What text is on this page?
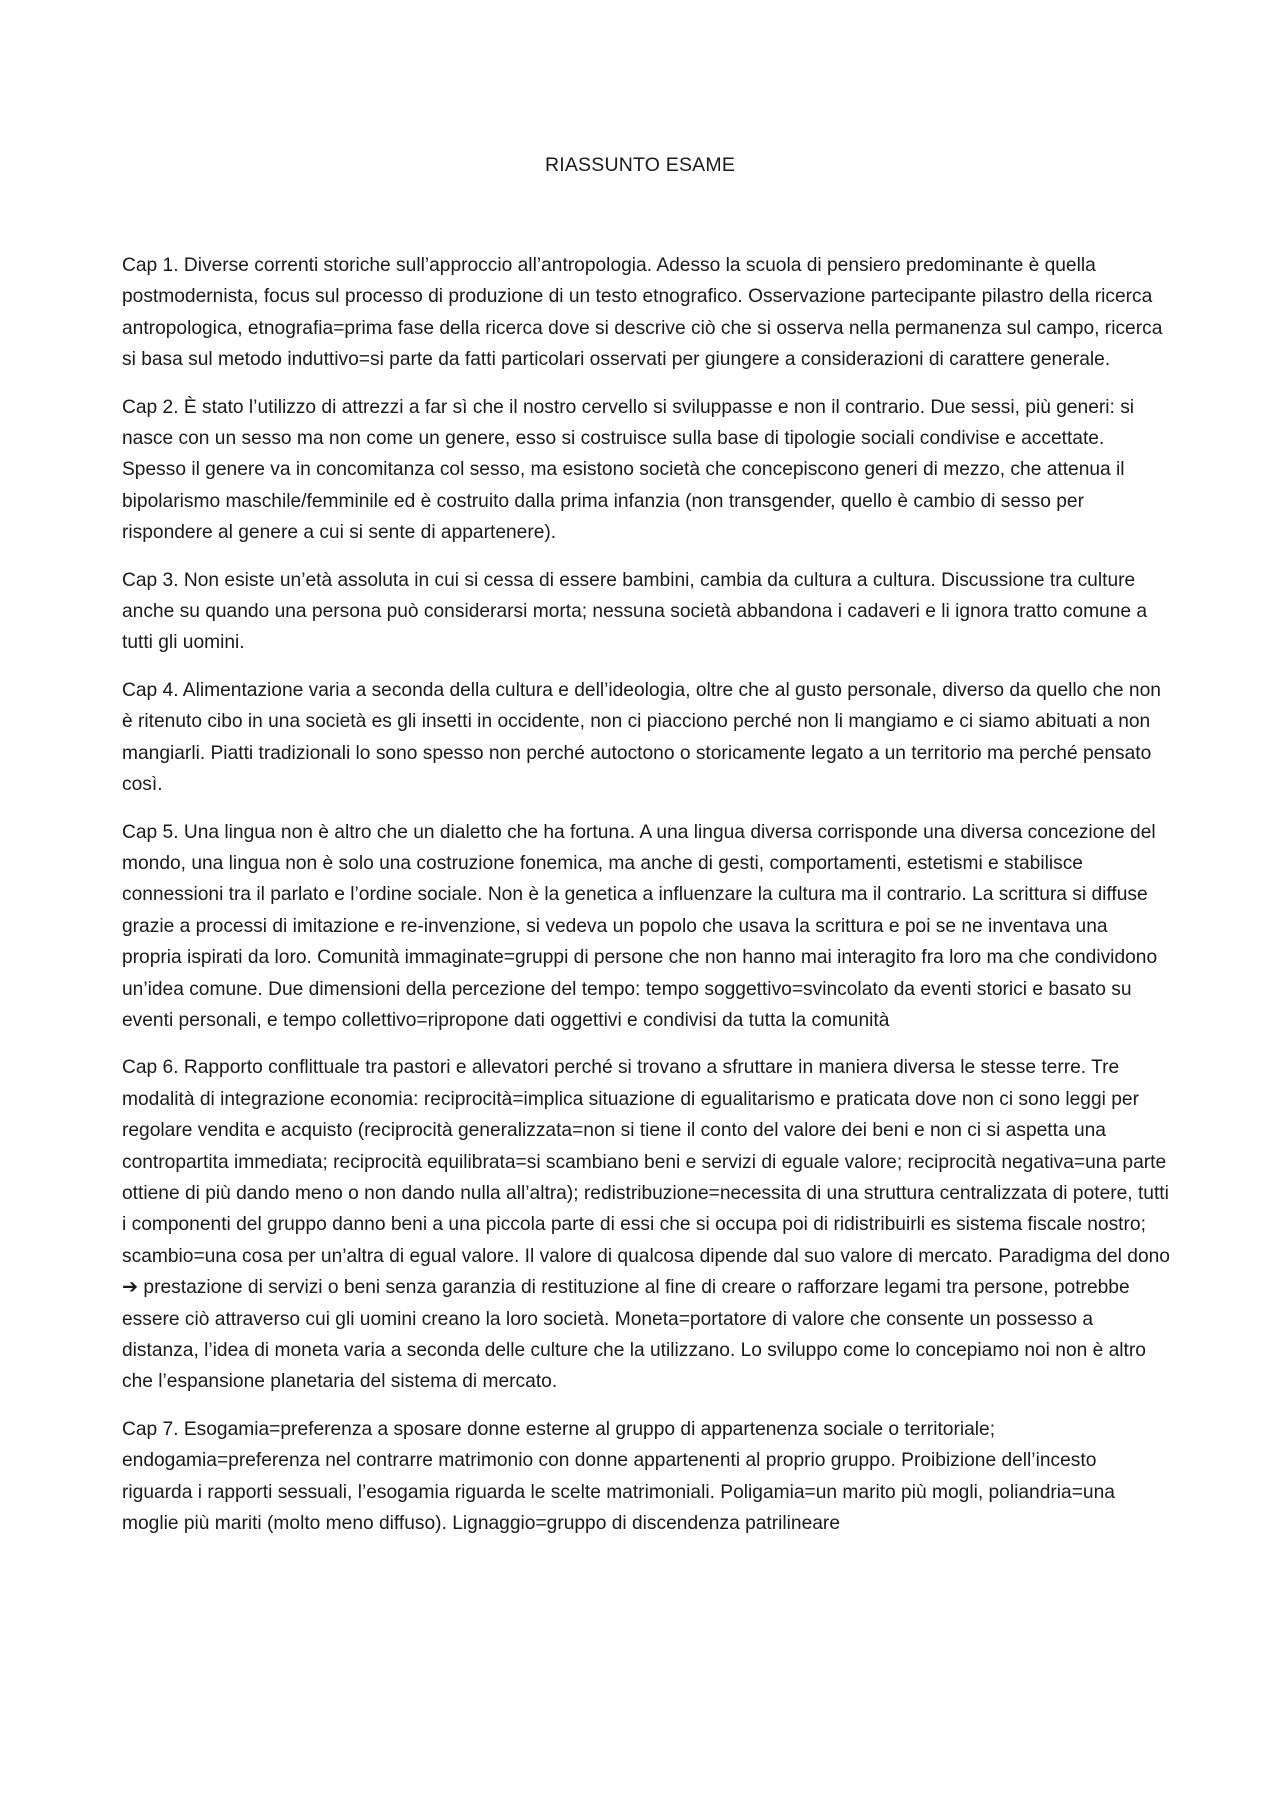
RIASSUNTO ESAME

Cap 1. Diverse correnti storiche sull’approccio all’antropologia. Adesso la scuola di pensiero predominante è quella postmodernista, focus sul processo di produzione di un testo etnografico. Osservazione partecipante pilastro della ricerca antropologica, etnografia=prima fase della ricerca dove si descrive ciò che si osserva nella permanenza sul campo, ricerca si basa sul metodo induttivo=si parte da fatti particolari osservati per giungere a considerazioni di carattere generale.

Cap 2. È stato l’utilizzo di attrezzi a far sì che il nostro cervello si sviluppasse e non il contrario. Due sessi, più generi: si nasce con un sesso ma non come un genere, esso si costruisce sulla base di tipologie sociali condivise e accettate. Spesso il genere va in concomitanza col sesso, ma esistono società che concepiscono generi di mezzo, che attenua il bipolarismo maschile/femminile ed è costruito dalla prima infanzia (non transgender, quello è cambio di sesso per rispondere al genere a cui si sente di appartenere).

Cap 3. Non esiste un’età assoluta in cui si cessa di essere bambini, cambia da cultura a cultura. Discussione tra culture anche su quando una persona può considerarsi morta; nessuna società abbandona i cadaveri e li ignora tratto comune a tutti gli uomini.

Cap 4. Alimentazione varia a seconda della cultura e dell’ideologia, oltre che al gusto personale, diverso da quello che non è ritenuto cibo in una società es gli insetti in occidente, non ci piacciono perché non li mangiamo e ci siamo abituati a non mangiarli. Piatti tradizionali lo sono spesso non perché autoctono o storicamente legato a un territorio ma perché pensato così.

Cap 5. Una lingua non è altro che un dialetto che ha fortuna. A una lingua diversa corrisponde una diversa concezione del mondo, una lingua non è solo una costruzione fonemica, ma anche di gesti, comportamenti, estetismi e stabilisce connessioni tra il parlato e l’ordine sociale. Non è la genetica a influenzare la cultura ma il contrario. La scrittura si diffuse grazie a processi di imitazione e re-invenzione, si vedeva un popolo che usava la scrittura e poi se ne inventava una propria ispirati da loro. Comunità immaginate=gruppi di persone che non hanno mai interagito fra loro ma che condividono un’idea comune. Due dimensioni della percezione del tempo: tempo soggettivo=svincolato da eventi storici e basato su eventi personali, e tempo collettivo=ripropone dati oggettivi e condivisi da tutta la comunità

Cap 6. Rapporto conflittuale tra pastori e allevatori perché si trovano a sfruttare in maniera diversa le stesse terre. Tre modalità di integrazione economia: reciprocità=implica situazione di egualitarismo e praticata dove non ci sono leggi per regolare vendita e acquisto (reciprocità generalizzata=non si tiene il conto del valore dei beni e non ci si aspetta una contropartita immediata; reciprocità equilibrata=si scambiano beni e servizi di eguale valore; reciprocità negativa=una parte ottiene di più dando meno o non dando nulla all’altra); redistribuzione=necessita di una struttura centralizzata di potere, tutti i componenti del gruppo danno beni a una piccola parte di essi che si occupa poi di ridistribuirli es sistema fiscale nostro; scambio=una cosa per un’altra di egual valore. Il valore di qualcosa dipende dal suo valore di mercato. Paradigma del dono ➔ prestazione di servizi o beni senza garanzia di restituzione al fine di creare o rafforzare legami tra persone, potrebbe essere ciò attraverso cui gli uomini creano la loro società. Moneta=portatore di valore che consente un possesso a distanza, l’idea di moneta varia a seconda delle culture che la utilizzano. Lo sviluppo come lo concepiamo noi non è altro che l’espansione planetaria del sistema di mercato.

Cap 7. Esogamia=preferenza a sposare donne esterne al gruppo di appartenenza sociale o territoriale; endogamia=preferenza nel contrarre matrimonio con donne appartenenti al proprio gruppo. Proibizione dell’incesto riguarda i rapporti sessuali, l’esogamia riguarda le scelte matrimoniali. Poligamia=un marito più mogli, poliandria=una moglie più mariti (molto meno diffuso). Lignaggio=gruppo di discendenza patrilineare
